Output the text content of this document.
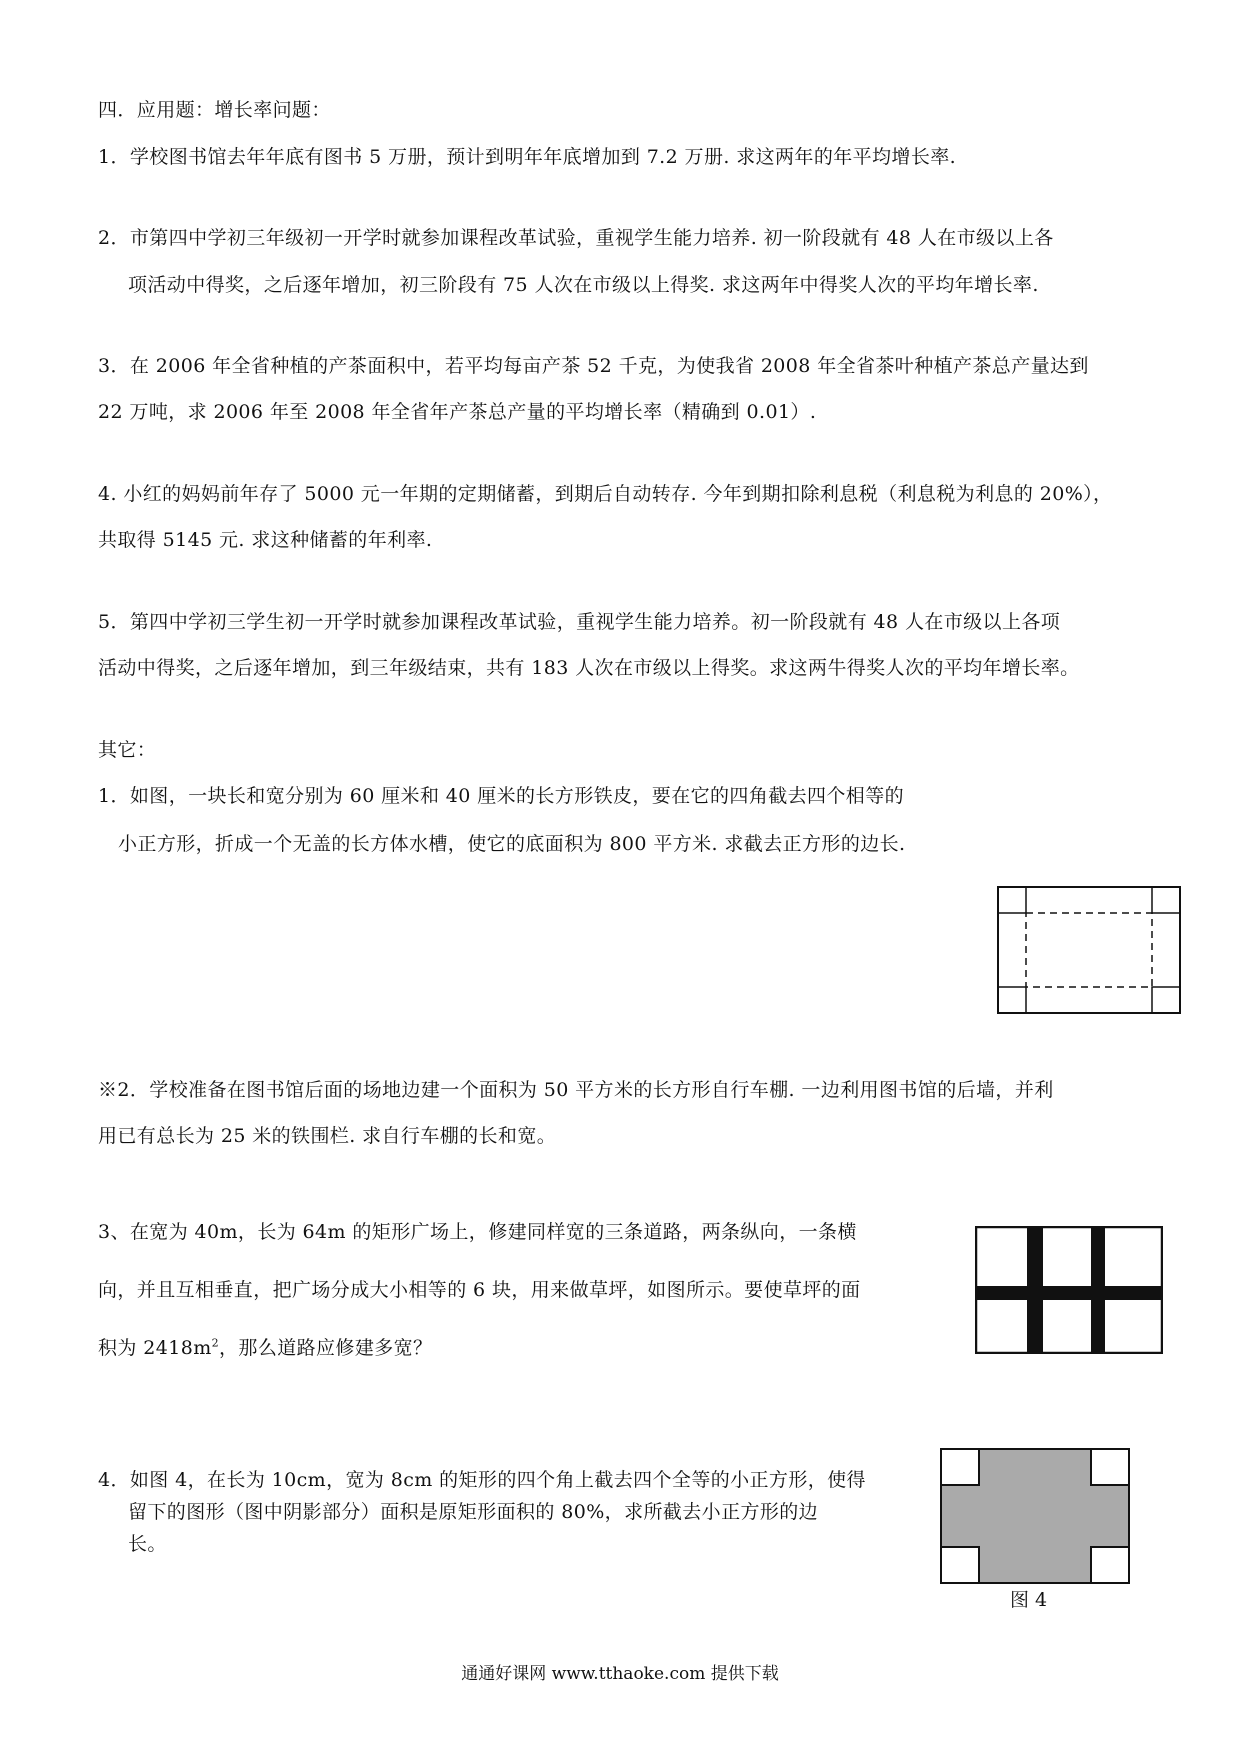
四．应用题：增长率问题：
1．学校图书馆去年年底有图书 5 万册，预计到明年年底增加到 7.2 万册. 求这两年的年平均增长率.
2．市第四中学初三年级初一开学时就参加课程改革试验，重视学生能力培养. 初一阶段就有 48 人在市级以上各
项活动中得奖，之后逐年增加，初三阶段有 75 人次在市级以上得奖. 求这两年中得奖人次的平均年增长率.
3．在 2006 年全省种植的产茶面积中，若平均每亩产茶 52 千克，为使我省 2008 年全省茶叶种植产茶总产量达到
22 万吨，求 2006 年至 2008 年全省年产茶总产量的平均增长率（精确到 0.01）.
4. 小红的妈妈前年存了 5000 元一年期的定期储蓄，到期后自动转存. 今年到期扣除利息税（利息税为利息的 20%），
共取得 5145 元. 求这种储蓄的年利率.
5．第四中学初三学生初一开学时就参加课程改革试验，重视学生能力培养。初一阶段就有 48 人在市级以上各项
活动中得奖，之后逐年增加，到三年级结束，共有 183 人次在市级以上得奖。求这两牛得奖人次的平均年增长率。
其它：
1．如图，一块长和宽分别为 60 厘米和 40 厘米的长方形铁皮，要在它的四角截去四个相等的
小正方形，折成一个无盖的长方体水槽，使它的底面积为 800 平方米. 求截去正方形的边长.
※2．学校准备在图书馆后面的场地边建一个面积为 50 平方米的长方形自行车棚. 一边利用图书馆的后墙，并利
用已有总长为 25 米的铁围栏. 求自行车棚的长和宽。
3、在宽为 40m，长为 64m 的矩形广场上，修建同样宽的三条道路，两条纵向，一条横
向，并且互相垂直，把广场分成大小相等的 6 块，用来做草坪，如图所示。要使草坪的面
积为 $2418m^2$，那么道路应修建多宽？
4．如图 4，在长为 10cm，宽为 8cm 的矩形的四个角上截去四个全等的小正方形，使得
留下的图形（图中阴影部分）面积是原矩形面积的 80%，求所截去小正方形的边
长。
图 4
通通好课网 www.tthaoke.com 提供下载
